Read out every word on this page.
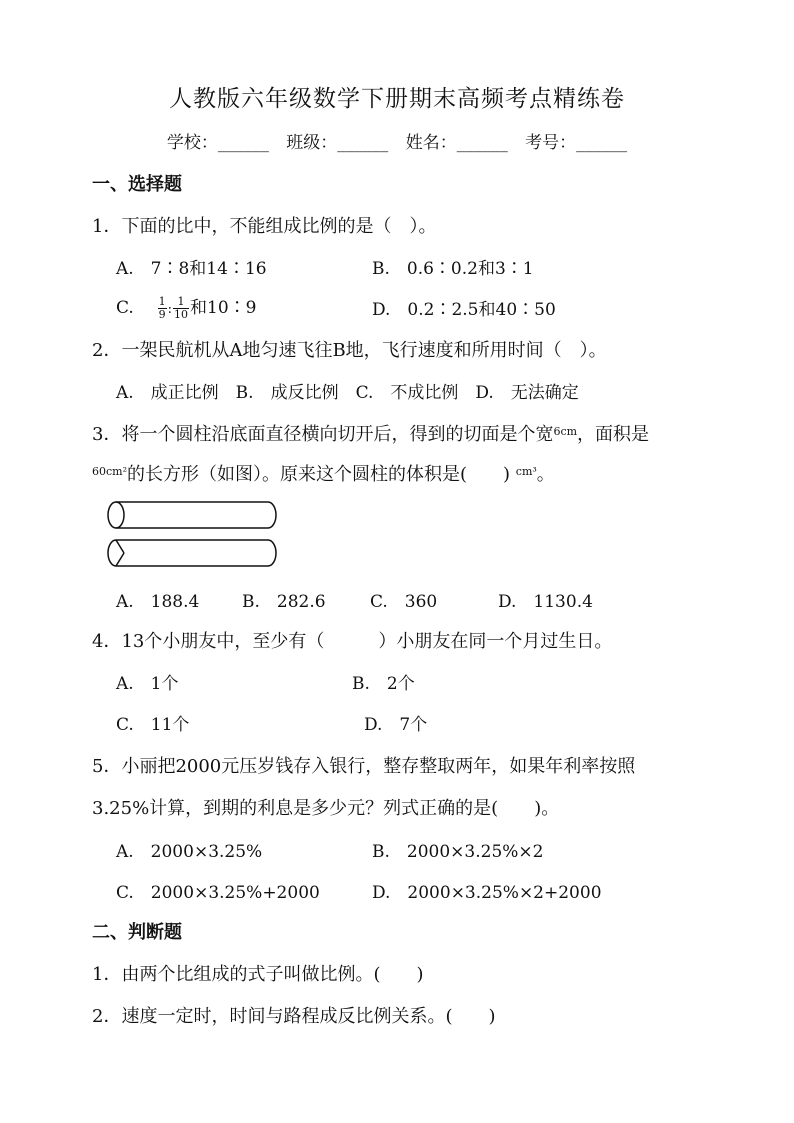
人教版六年级数学下册期末高频考点精练卷
学校：______ 班级：______ 姓名：______ 考号：______
一、选择题
1．下面的比中，不能组成比例的是（　）。
A.　7∶8和14∶16	B.　0.6∶0.2和3∶1
C. $\frac{1}{9}$ : $\frac{1}{10}$ 和10∶9	D.　0.2∶2.5和40∶50
2．一架民航机从A地匀速飞往B地，飞行速度和所用时间（　）。
A.　成正比例　B.　成反比例　C.　不成比例　D.　无法确定
3．将一个圆柱沿底面直径横向切开后，得到的切面是个宽$^{6cm}$，面积是
$^{60cm^2}$的长方形（如图）。原来这个圆柱的体积是(　　) $^{cm^3}$。
A.　188.4	B.　282.6	C.　360	D.　1130.4
4．13个小朋友中，至少有（　　　）小朋友在同一个月过生日。
A.　1个	B.　2个
C.　11个	D.　7个
5．小丽把2000元压岁钱存入银行，整存整取两年，如果年利率按照
3.25%计算，到期的利息是多少元？列式正确的是(　　)。
A.　2000×3.25%	B.　2000×3.25%×2
C.　2000×3.25%+2000	D.　2000×3.25%×2+2000
二、判断题
1．由两个比组成的式子叫做比例。(　　)
2．速度一定时，时间与路程成反比例关系。(　　)
